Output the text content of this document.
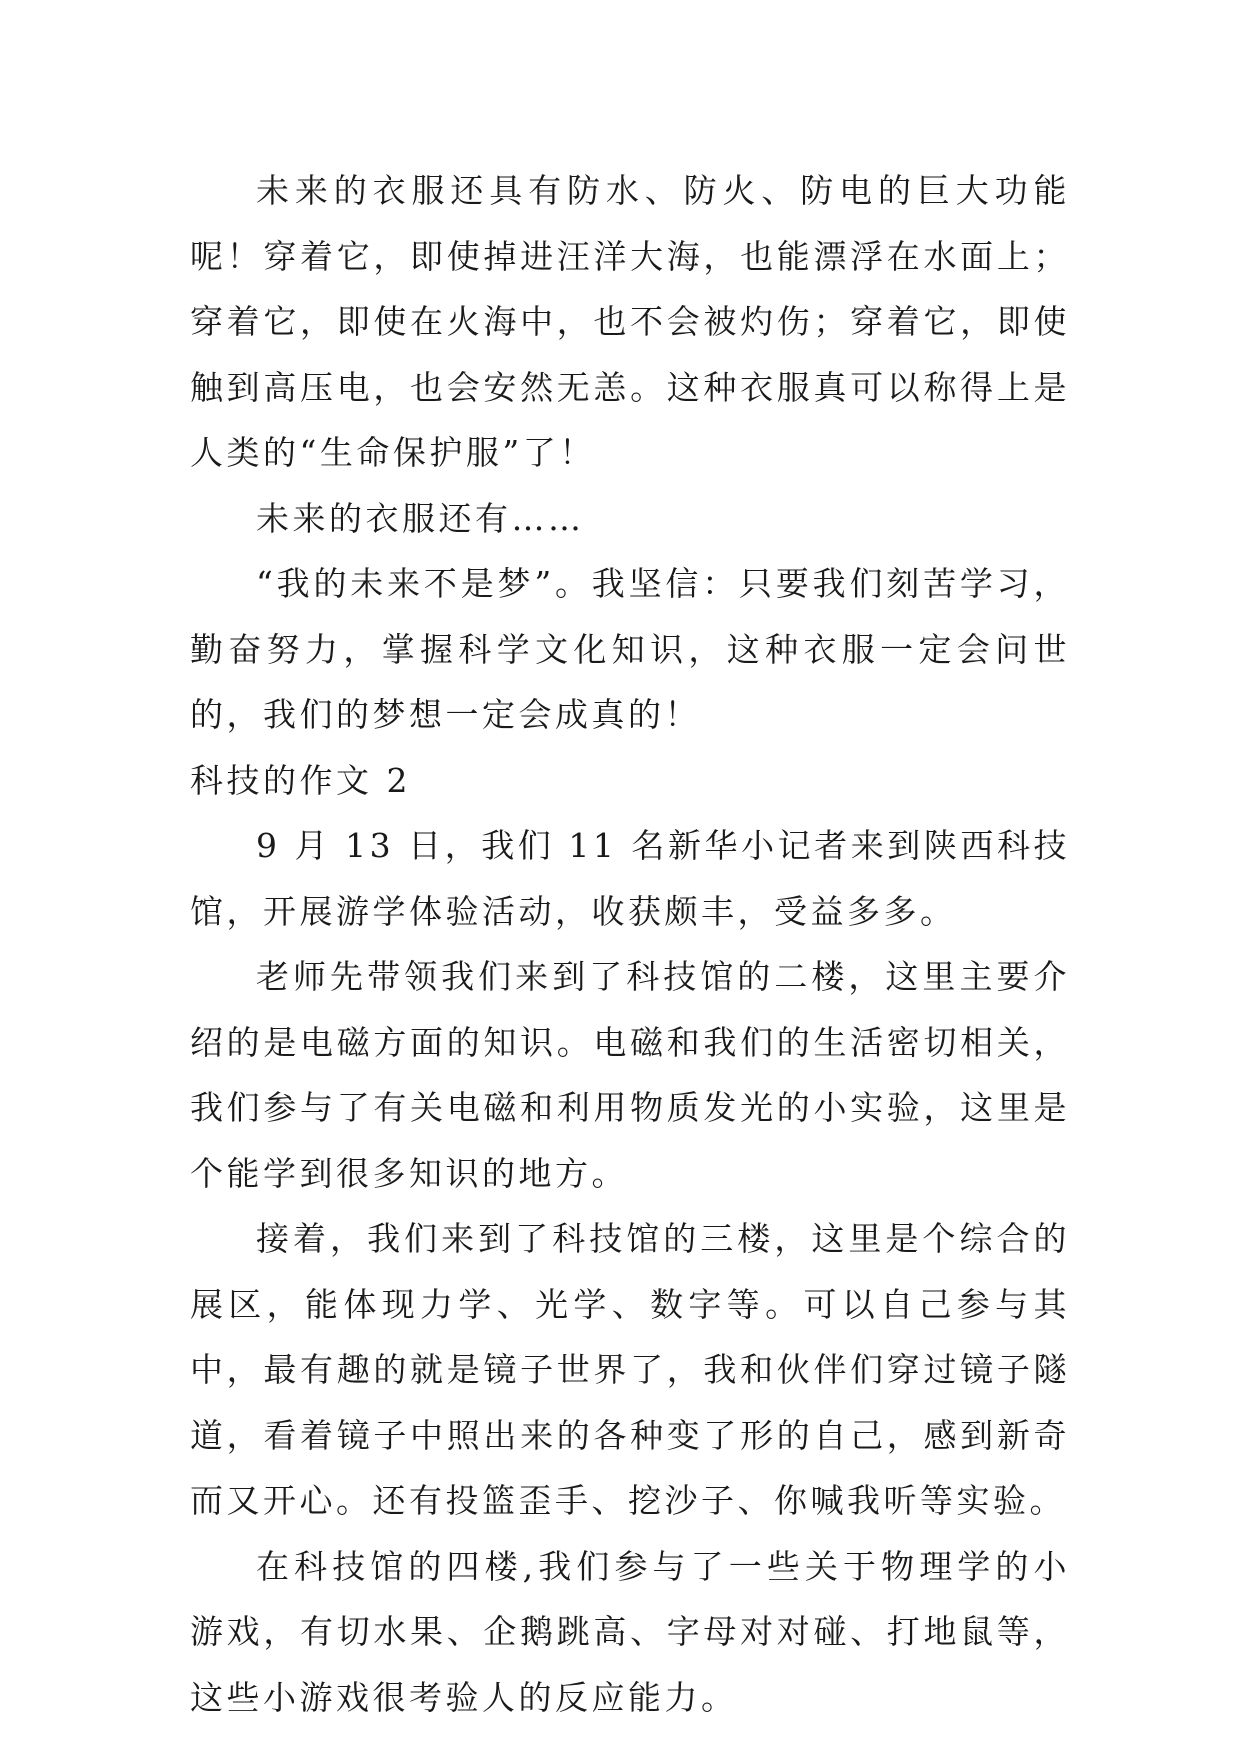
未来的衣服还具有防水、防火、防电的巨大功能呢！穿着它，即使掉进汪洋大海，也能漂浮在水面上；穿着它，即使在火海中，也不会被灼伤；穿着它，即使触到高压电，也会安然无恙。这种衣服真可以称得上是人类的“生命保护服”了！

未来的衣服还有……

“我的未来不是梦”。我坚信：只要我们刻苦学习，勤奋努力，掌握科学文化知识，这种衣服一定会问世的，我们的梦想一定会成真的！

科技的作文 2

9 月 13 日，我们 11 名新华小记者来到陕西科技馆，开展游学体验活动，收获颇丰，受益多多。

老师先带领我们来到了科技馆的二楼，这里主要介绍的是电磁方面的知识。电磁和我们的生活密切相关，我们参与了有关电磁和利用物质发光的小实验，这里是个能学到很多知识的地方。

接着，我们来到了科技馆的三楼，这里是个综合的展区，能体现力学、光学、数字等。可以自己参与其中，最有趣的就是镜子世界了，我和伙伴们穿过镜子隧道，看着镜子中照出来的各种变了形的自己，感到新奇而又开心。还有投篮歪手、挖沙子、你喊我听等实验。

在科技馆的四楼,我们参与了一些关于物理学的小游戏，有切水果、企鹅跳高、字母对对碰、打地鼠等，这些小游戏很考验人的反应能力。
